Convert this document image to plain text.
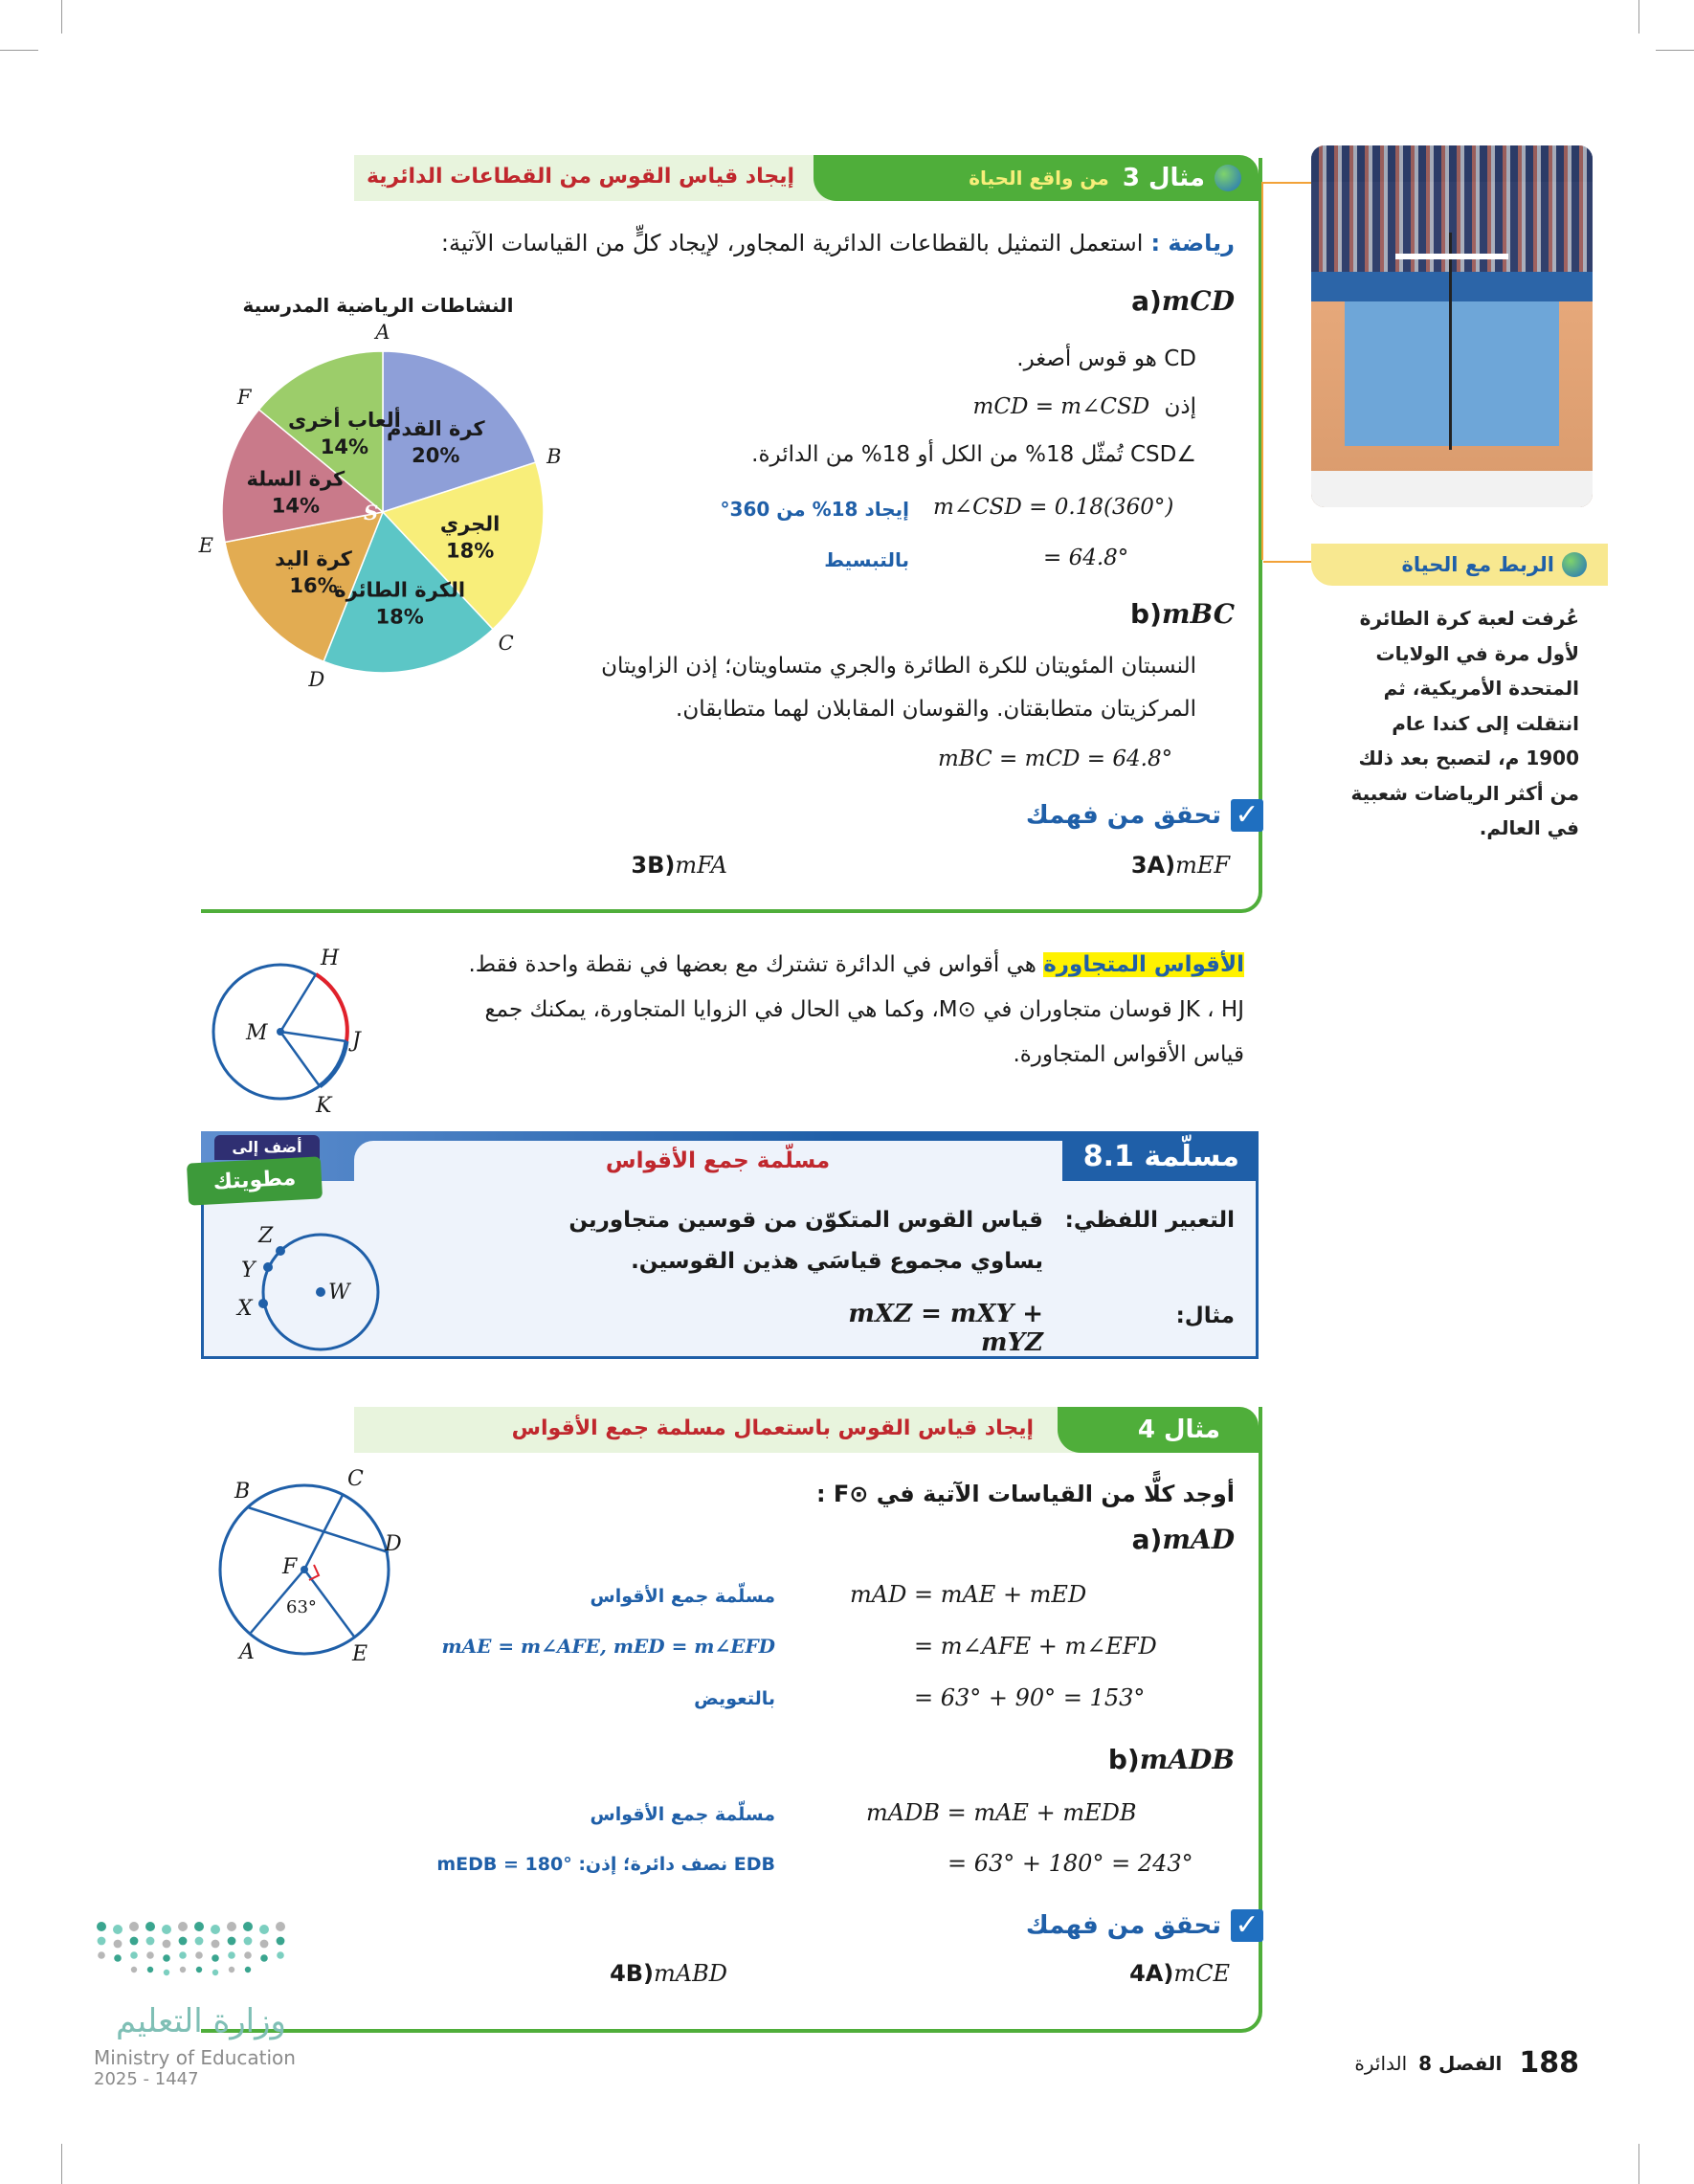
مثال 3
من واقع الحياة
إيجاد قياس القوس من القطاعات الدائرية
رياضة :استعمل التمثيل بالقطاعات الدائرية المجاور، لإيجاد كلٍّ من القياسات الآتية:
a)mCD
CD هو قوس أصغر.
إذن mCD = m∠CSD
∠CSD تُمثّل 18% من الكل أو 18% من الدائرة.
m∠CSD = 0.18(360°)
إيجاد 18% من 360°
= 64.8°
بالتبسيط
b)mBC
النسبتان المئويتان للكرة الطائرة والجري متساويتان؛ إذن الزاويتان
المركزيتان متطابقتان. والقوسان المقابلان لهما متطابقان.
mBC = mCD = 64.8°
✓
تحقق من فهمك
3A)mEF
3B)mFA
النشاطات الرياضية المدرسية
كرة القدم
20%
A
الجري
18%
B
الكرة الطائرة
18%
C
كرة اليد
16%
D
كرة السلة
14%
E
ألعاب أخرى
14%
F
S
الربط مع الحياة
عُرفت لعبة كرة الطائرة
لأول مرة في الولايات
المتحدة الأمريكية، ثم
انتقلت إلى كندا عام
1900 م، لتصبح بعد ذلك
من أكثر الرياضات شعبية
في العالم.
H
J
K
M
الأقواس المتجاورة هي أقواس في الدائرة تشترك مع بعضها في نقطة واحدة فقط.
JK ، HJ قوسان متجاوران في ⊙M، وكما هي الحال في الزوايا المتجاورة، يمكنك جمع
قياس الأقواس المتجاورة.
مسلّمة 8.1
مسلّمة جمع الأقواس
أضف إلى
مطويتك
Z
Y
X
W
التعبير اللفظي:
قياس القوس المتكوّن من قوسين متجاورين
يساوي مجموع قياسَي هذين القوسين.
مثال:
mXZ = mXY + mYZ
مثال 4
إيجاد قياس القوس باستعمال مسلمة جمع الأقواس
أوجد كلًّا من القياسات الآتية في ⊙F :
a)mAD
mAD = mAE + mED
مسلّمة جمع الأقواس
= m∠AFE + m∠EFD
mAE = m∠AFE, mED = m∠EFD
= 63° + 90° = 153°
بالتعويض
b)mADB
mADB = mAE + mEDB
مسلّمة جمع الأقواس
= 63° + 180° = 243°
EDB نصف دائرة؛ إذن: mEDB = 180°
✓
تحقق من فهمك
4A)mCE
4B)mABD
B
C
D
F
A	E
63°
وزارة التعليم
Ministry of Education
2025 - 1447	188
الفصل 8
الدائرة
